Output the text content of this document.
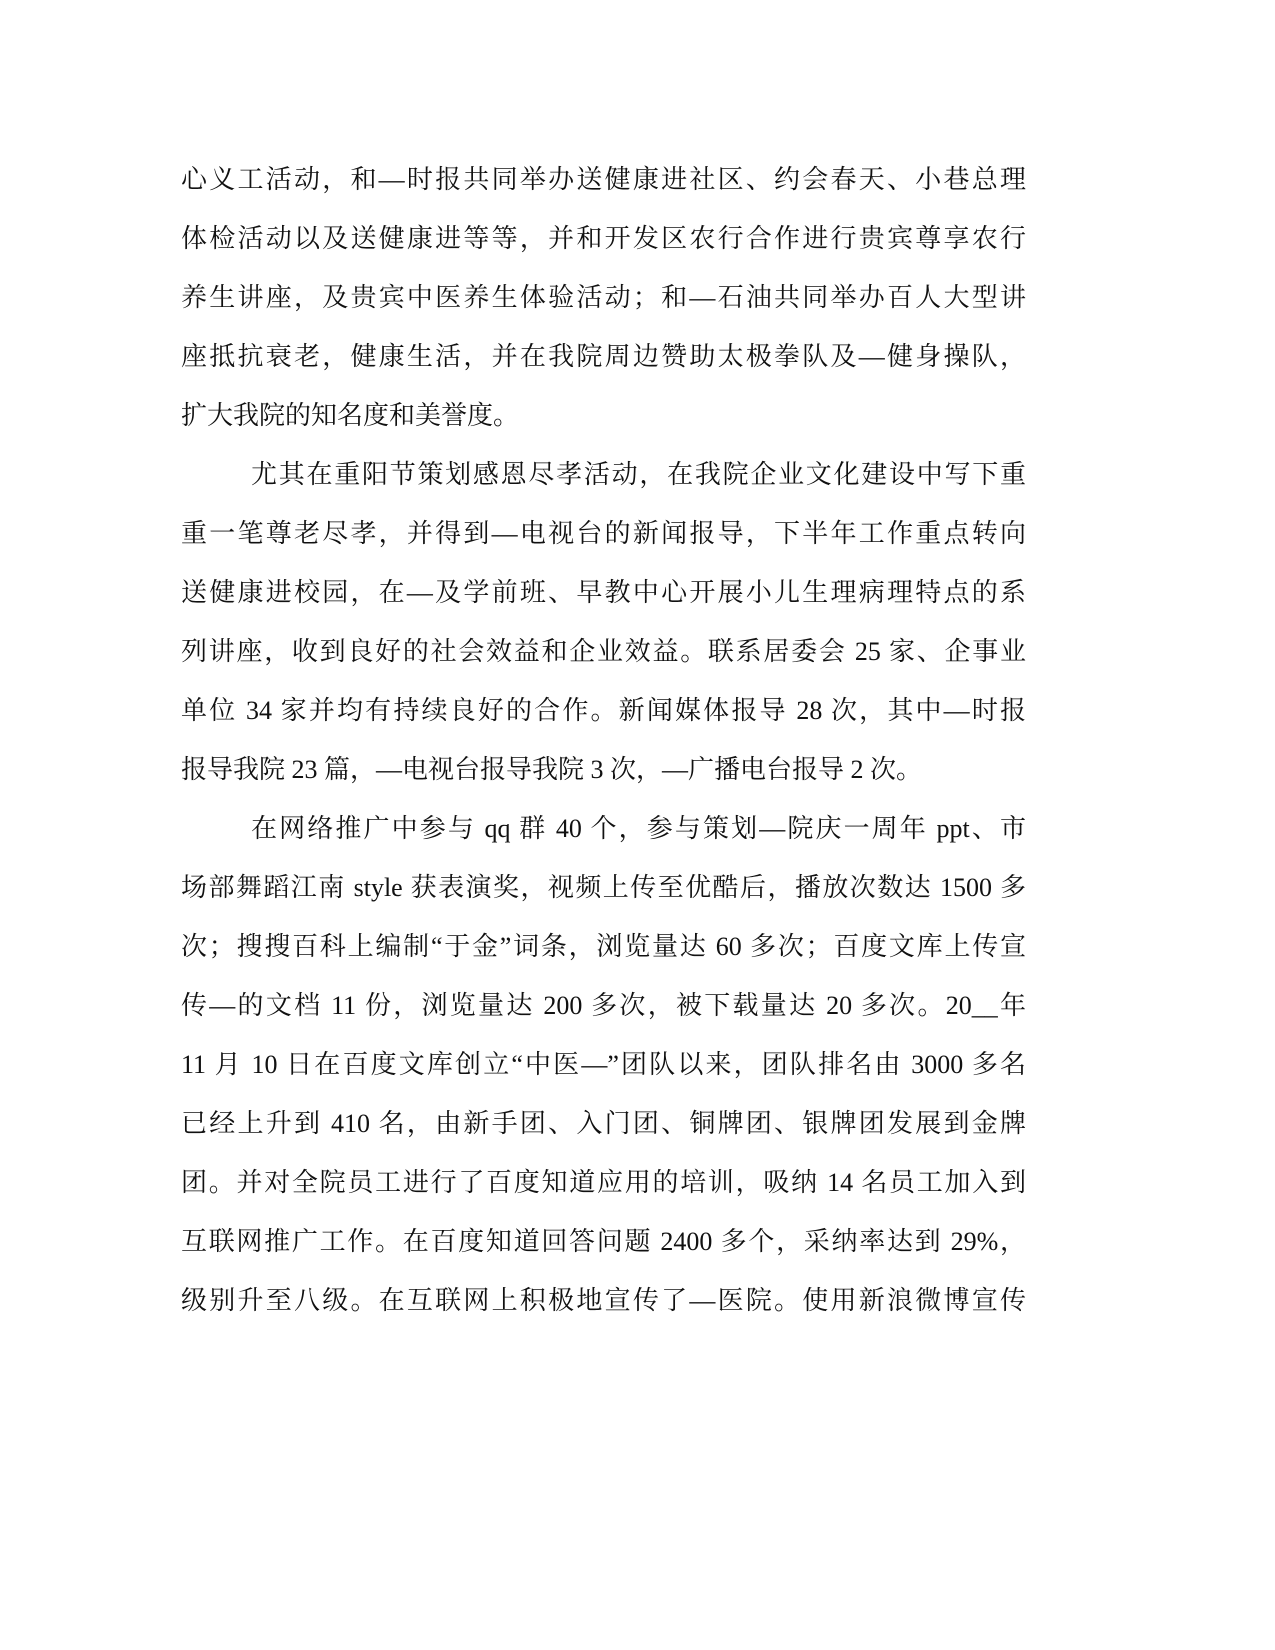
心义工活动，和—时报共同举办送健康进社区、约会春天、小巷总理
体检活动以及送健康进等等，并和开发区农行合作进行贵宾尊享农行
养生讲座，及贵宾中医养生体验活动；和—石油共同举办百人大型讲
座抵抗衰老，健康生活，并在我院周边赞助太极拳队及—健身操队，
扩大我院的知名度和美誉度。
尤其在重阳节策划感恩尽孝活动，在我院企业文化建设中写下重
重一笔尊老尽孝，并得到—电视台的新闻报导，下半年工作重点转向
送健康进校园，在—及学前班、早教中心开展小儿生理病理特点的系
列讲座，收到良好的社会效益和企业效益。联系居委会 25 家、企事业
单位 34 家并均有持续良好的合作。新闻媒体报导 28 次，其中—时报
报导我院 23 篇，—电视台报导我院 3 次，—广播电台报导 2 次。
在网络推广中参与 qq 群 40 个，参与策划—院庆一周年 ppt、市
场部舞蹈江南 style 获表演奖，视频上传至优酷后，播放次数达 1500 多
次；搜搜百科上编制“于金”词条，浏览量达 60 多次；百度文库上传宣
传—的文档 11 份，浏览量达 200 多次，被下载量达 20 多次。20__年
11 月 10 日在百度文库创立“中医—”团队以来，团队排名由 3000 多名
已经上升到 410 名，由新手团、入门团、铜牌团、银牌团发展到金牌
团。并对全院员工进行了百度知道应用的培训，吸纳 14 名员工加入到
互联网推广工作。在百度知道回答问题 2400 多个，采纳率达到 29%，
级别升至八级。在互联网上积极地宣传了—医院。使用新浪微博宣传
